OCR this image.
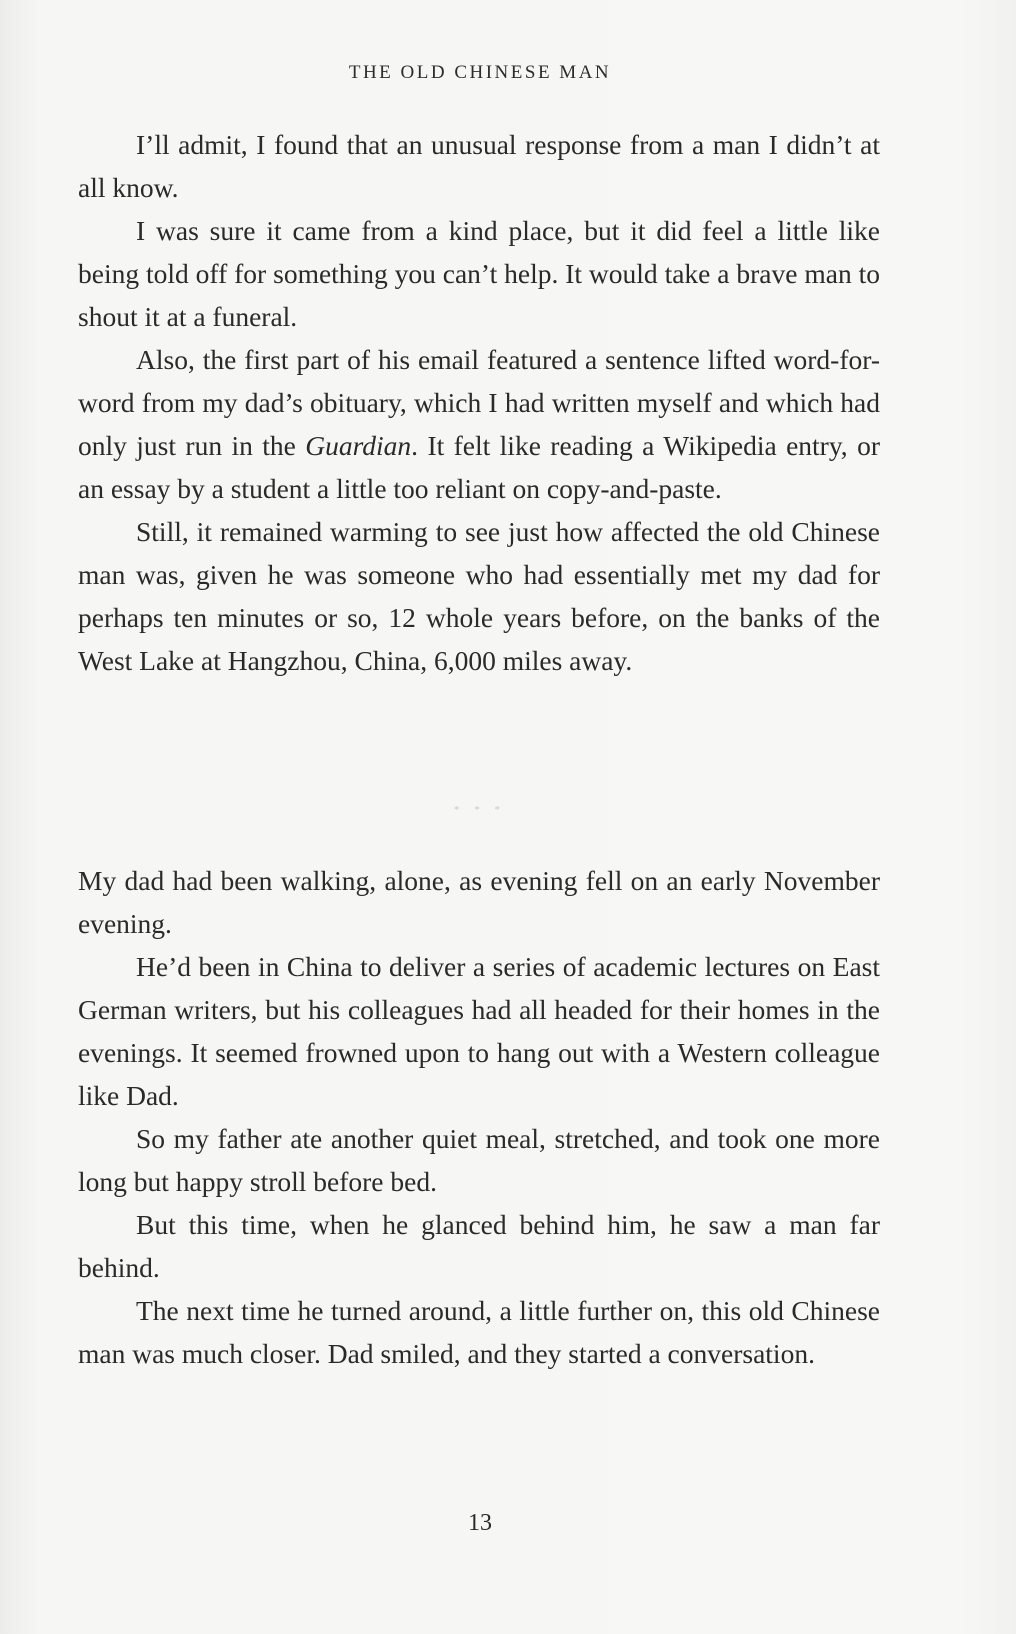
THE OLD CHINESE MAN

I’ll admit, I found that an unusual response from a man I didn’t at all know.

I was sure it came from a kind place, but it did feel a little like being told off for something you can’t help. It would take a brave man to shout it at a funeral.

Also, the first part of his email featured a sentence lifted word-for-word from my dad’s obituary, which I had written myself and which had only just run in the Guardian. It felt like reading a Wikipedia entry, or an essay by a student a little too reliant on copy-and-paste.

Still, it remained warming to see just how affected the old Chinese man was, given he was someone who had essentially met my dad for perhaps ten minutes or so, 12 whole years before, on the banks of the West Lake at Hangzhou, China, 6,000 miles away.

* * *

My dad had been walking, alone, as evening fell on an early November evening.

He’d been in China to deliver a series of academic lectures on East German writers, but his colleagues had all headed for their homes in the evenings. It seemed frowned upon to hang out with a Western colleague like Dad.

So my father ate another quiet meal, stretched, and took one more long but happy stroll before bed.

But this time, when he glanced behind him, he saw a man far behind.

The next time he turned around, a little further on, this old Chinese man was much closer. Dad smiled, and they started a conversation.

13
